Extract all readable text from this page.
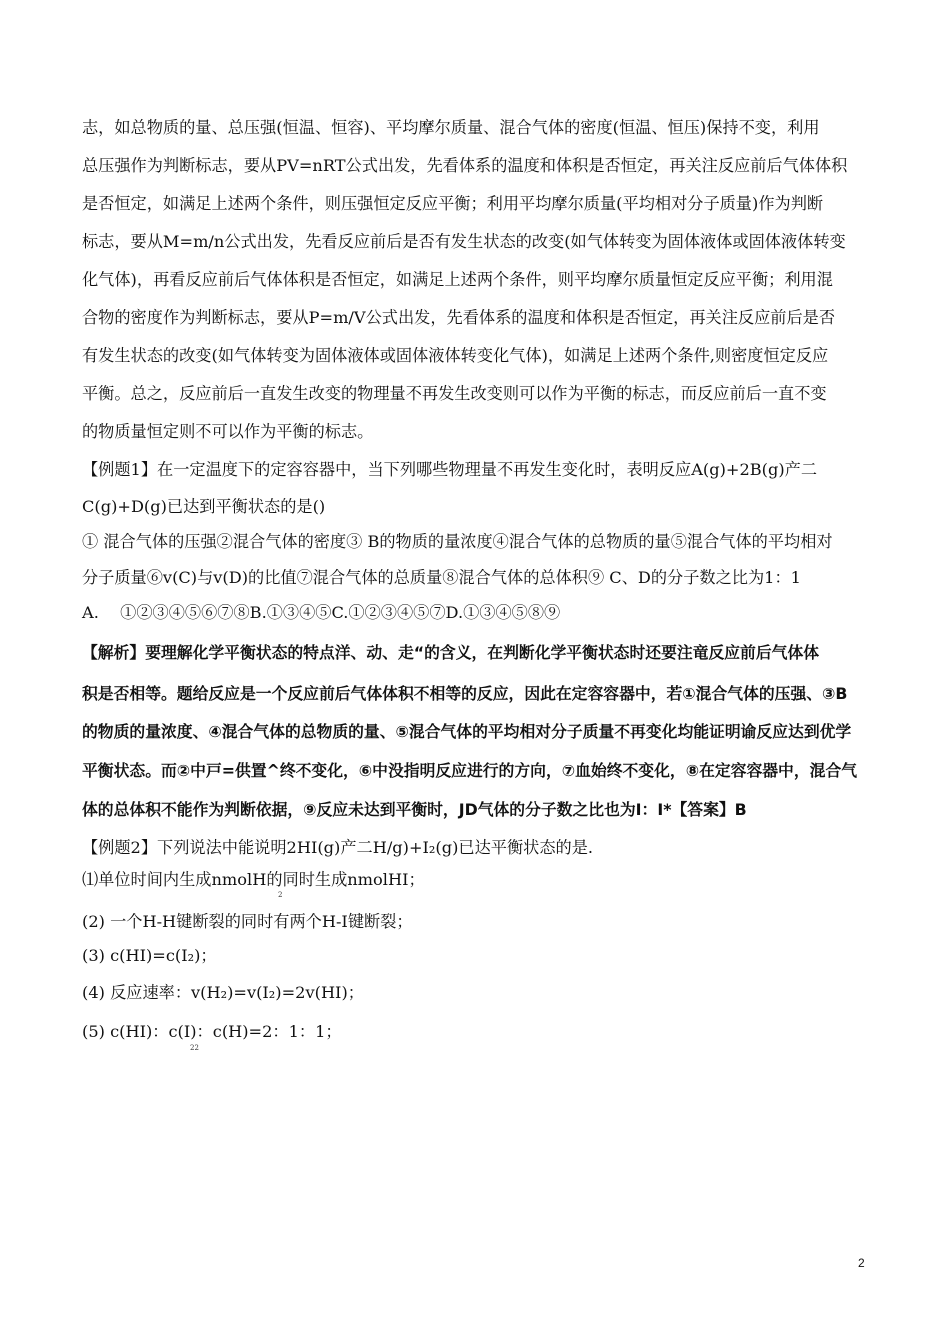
志，如总物质的量、总压强(恒温、恒容)、平均摩尔质量、混合气体的密度(恒温、恒压)保持不变，利用
总压强作为判断标志，要从PV=nRT公式出发，先看体系的温度和体积是否恒定，再关注反应前后气体体积
是否恒定，如满足上述两个条件，则压强恒定反应平衡；利用平均摩尔质量(平均相对分子质量)作为判断
标志，要从M=m/n公式出发，先看反应前后是否有发生状态的改变(如气体转变为固体液体或固体液体转变
化气体)，再看反应前后气体体积是否恒定，如满足上述两个条件，则平均摩尔质量恒定反应平衡；利用混
合物的密度作为判断标志，要从P=m/V公式出发，先看体系的温度和体积是否恒定，再关注反应前后是否
有发生状态的改变(如气体转变为固体液体或固体液体转变化气体)，如满足上述两个条件,则密度恒定反应
平衡。总之，反应前后一直发生改变的物理量不再发生改变则可以作为平衡的标志，而反应前后一直不变
的物质量恒定则不可以作为平衡的标志。
【例题1】在一定温度下的定容容器中，当下列哪些物理量不再发生变化时，表明反应A(g)+2B(g)产二
C(g)+D(g)已达到平衡状态的是()
① 混合气体的压强②混合气体的密度③ B的物质的量浓度④混合气体的总物质的量⑤混合气体的平均相对
分子质量⑥v(C)与v(D)的比值⑦混合气体的总质量⑧混合气体的总体积⑨ C、D的分子数之比为1：1
A.　 ①②③④⑤⑥⑦⑧B.①③④⑤C.①②③④⑤⑦D.①③④⑤⑧⑨
【解析】要理解化学平衡状态的特点洋、动、走“的含义，在判断化学平衡状态时还要注竜反应前后气体体
积是否相等。题给反应是一个反应前后气体体积不相等的反应，因此在定容容器中，若①混合气体的压强、③B
的物质的量浓度、④混合气体的总物质的量、⑤混合气体的平均相对分子质量不再变化均能证明谕反应达到优学
平衡状态。而②中戸=供置^终不变化，⑥中没指明反应进行的方向，⑦血始终不变化，⑧在定容容器中，混合气
体的总体积不能作为判断依据，⑨反应未达到平衡时，JD气体的分子数之比也为I：I*【答案】B
【例题2】下列说法中能说明2HI(g)产二H/g)+I₂(g)已达平衡状态的是.
⑴单位时间内生成nmolH的同时生成nmolHI；
2
(2) 一个H-H键断裂的同时有两个H-I键断裂；
(3) c(HI)=c(I₂)；
(4) 反应速率：v(H₂)=v(I₂)=2v(HI)；
(5) c(HI)：c(I)：c(H)=2：1：1；
22
2
